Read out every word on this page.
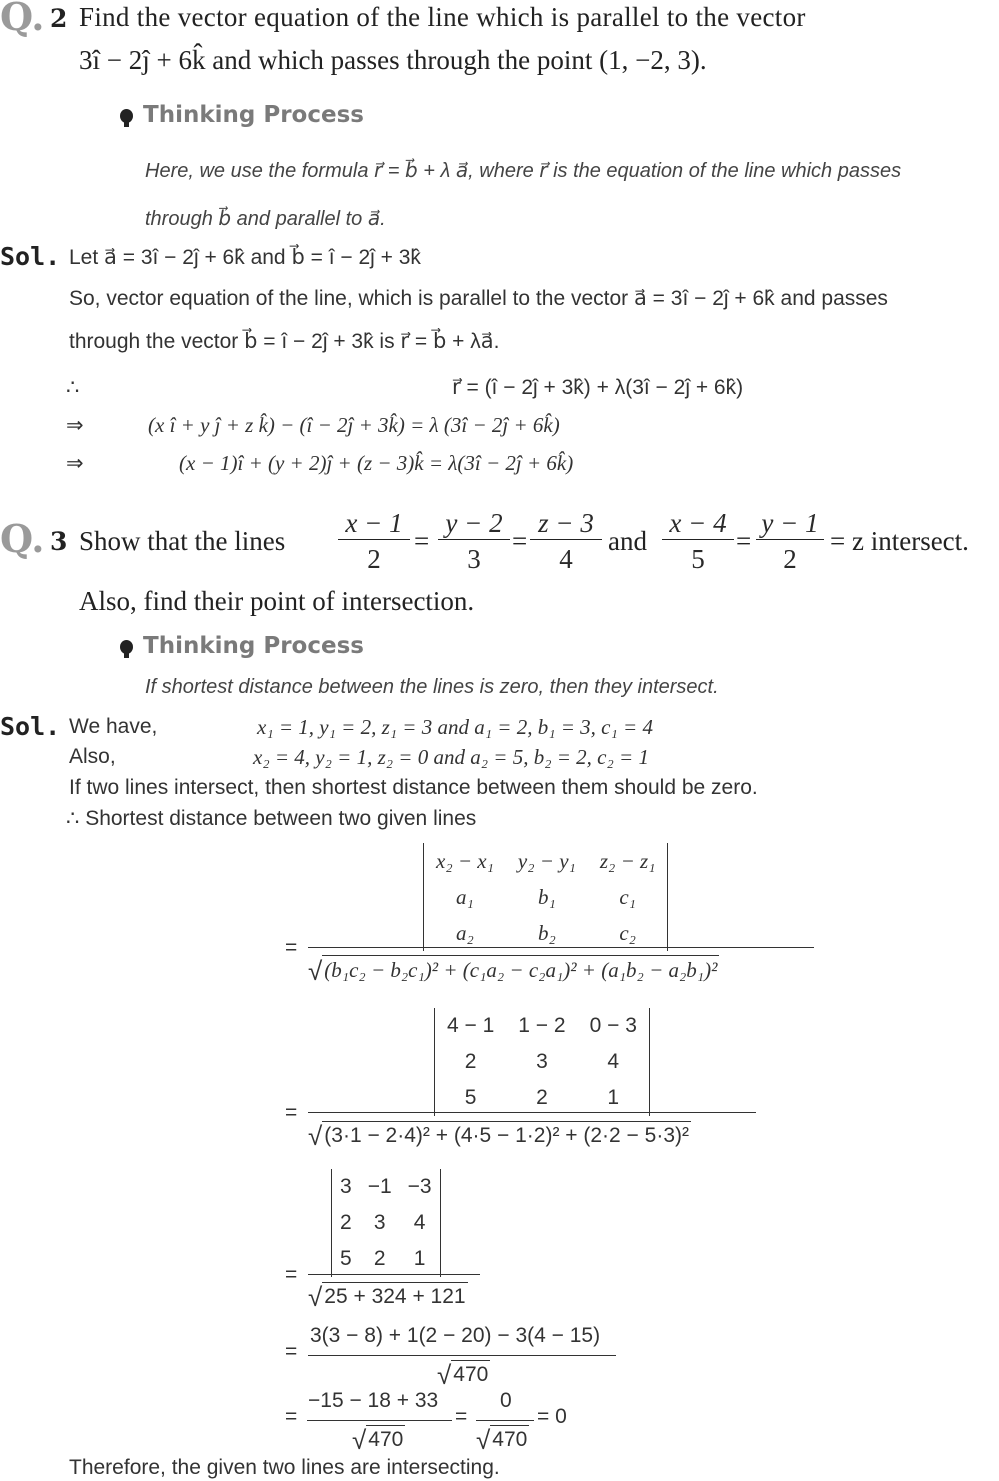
Q. 2 Find the vector equation of the line which is parallel to the vector
3î − 2ĵ + 6k̂ and which passes through the point (1, −2, 3).
Thinking Process
Here, we use the formula r⃗ = b⃗ + λ a⃗, where r⃗ is the equation of the line which passes
through b⃗ and parallel to a⃗.
Sol. Let a⃗ = 3î − 2ĵ + 6k̂ and b⃗ = î − 2ĵ + 3k̂
So, vector equation of the line, which is parallel to the vector a⃗ = 3î − 2ĵ + 6k̂ and passes
through the vector b⃗ = î − 2ĵ + 3k̂ is r⃗ = b⃗ + λa⃗.
∴	r⃗ = (î − 2ĵ + 3k̂) + λ(3î − 2ĵ + 6k̂)
⇒	(x î + y ĵ + z k̂) − (î − 2ĵ + 3k̂) = λ (3î − 2ĵ + 6k̂)
⇒	(x − 1)î + (y + 2)ĵ + (z − 3)k̂ = λ(3î − 2ĵ + 6k̂)
Q. 3 Show that the lines $\frac{x - 1}{2} = \frac{y - 2}{3} = \frac{z - 3}{4}$ and $\frac{x - 4}{5} = \frac{y - 1}{2} = z$ intersect.
Also, find their point of intersection.
Thinking Process
If shortest distance between the lines is zero, then they intersect.
Sol. We have,	x₁ = 1, y₁ = 2, z₁ = 3 and a₁ = 2, b₁ = 3, c₁ = 4
Also,	x₂ = 4, y₂ = 1, z₂ = 0 and a₂ = 5, b₂ = 2, c₂ = 1
If two lines intersect, then shortest distance between them should be zero.
∴ Shortest distance between two given lines
=
x₂ − x₁	y₂ − y₁	z₂ − z₁
a₁	b₁	c₁
a₂	b₂	c₂
√(b₁c₂ − b₂c₁)² + (c₁a₂ − c₂a₁)² + (a₁b₂ − a₂b₁)²
=
4 − 1	1 − 2	0 − 3
2	3	4
5	2	1
√(3·1 − 2·4)² + (4·5 − 1·2)² + (2·2 − 5·3)²
=
3	−1	−3
2	3	4
5	2	1
√25 + 324 + 121
=
3(3 − 8) + 1(2 − 20) − 3(4 − 15)
√470
=
−15 − 18 + 33
√470
=
0
√470
= 0
Therefore, the given two lines are intersecting.
